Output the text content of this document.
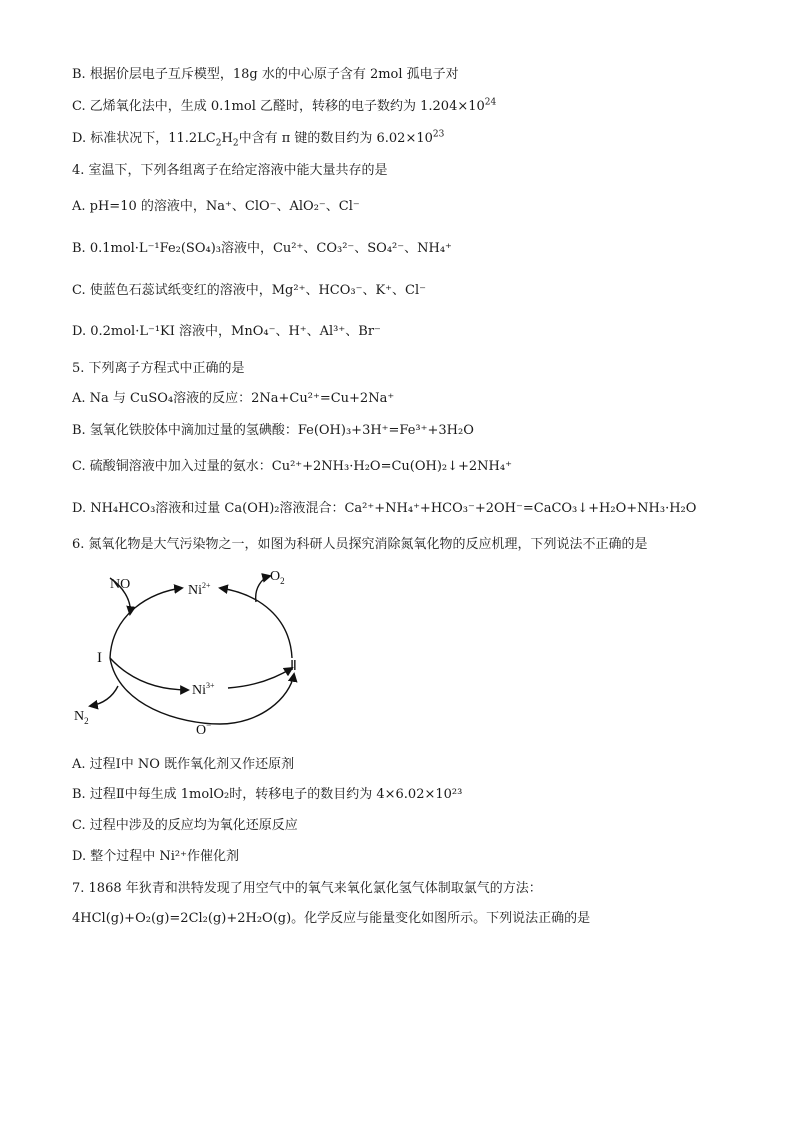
B. 根据价层电子互斥模型，18g 水的中心原子含有 2mol 孤电子对
C. 乙烯氧化法中，生成 0.1mol 乙醛时，转移的电子数约为 $1.204\times 10^{24}$
D. 标准状况下，$11.2LC_2H_2$中含有 π 键的数目约为 $6.02\times 10^{23}$
4. 室温下，下列各组离子在给定溶液中能大量共存的是
A. pH=10 的溶液中，Na⁺、ClO⁻、AlO₂⁻、Cl⁻
B. 0.1mol·L⁻¹Fe₂(SO₄)₃溶液中，Cu²⁺、CO₃²⁻、SO₄²⁻、NH₄⁺
C. 使蓝色石蕊试纸变红的溶液中，Mg²⁺、HCO₃⁻、K⁺、Cl⁻
D. 0.2mol·L⁻¹KI 溶液中，MnO₄⁻、H⁺、Al³⁺、Br⁻
5. 下列离子方程式中正确的是
A. Na 与 CuSO₄溶液的反应：2Na+Cu²⁺=Cu+2Na⁺
B. 氢氧化铁胶体中滴加过量的氢碘酸：Fe(OH)₃+3H⁺=Fe³⁺+3H₂O
C. 硫酸铜溶液中加入过量的氨水：Cu²⁺+2NH₃·H₂O=Cu(OH)₂↓+2NH₄⁺
D. NH₄HCO₃溶液和过量 Ca(OH)₂溶液混合：Ca²⁺+NH₄⁺+HCO₃⁻+2OH⁻=CaCO₃↓+H₂O+NH₃·H₂O
6. 氮氧化物是大气污染物之一，如图为科研人员探究消除氮氧化物的反应机理，下列说法不正确的是
NO	$Ni^{2+}$
$O_2$
I
Ⅱ
$Ni^{3+}$
$N_2$
O−
A. 过程Ⅰ中 NO 既作氧化剂又作还原剂
B. 过程Ⅱ中每生成 1molO₂时，转移电子的数目约为 4×6.02×10²³
C. 过程中涉及的反应均为氧化还原反应
D. 整个过程中 Ni²⁺作催化剂
7. 1868 年狄青和洪特发现了用空气中的氧气来氧化氯化氢气体制取氯气的方法：
4HCl(g)+O₂(g)=2Cl₂(g)+2H₂O(g)。化学反应与能量变化如图所示。下列说法正确的是
